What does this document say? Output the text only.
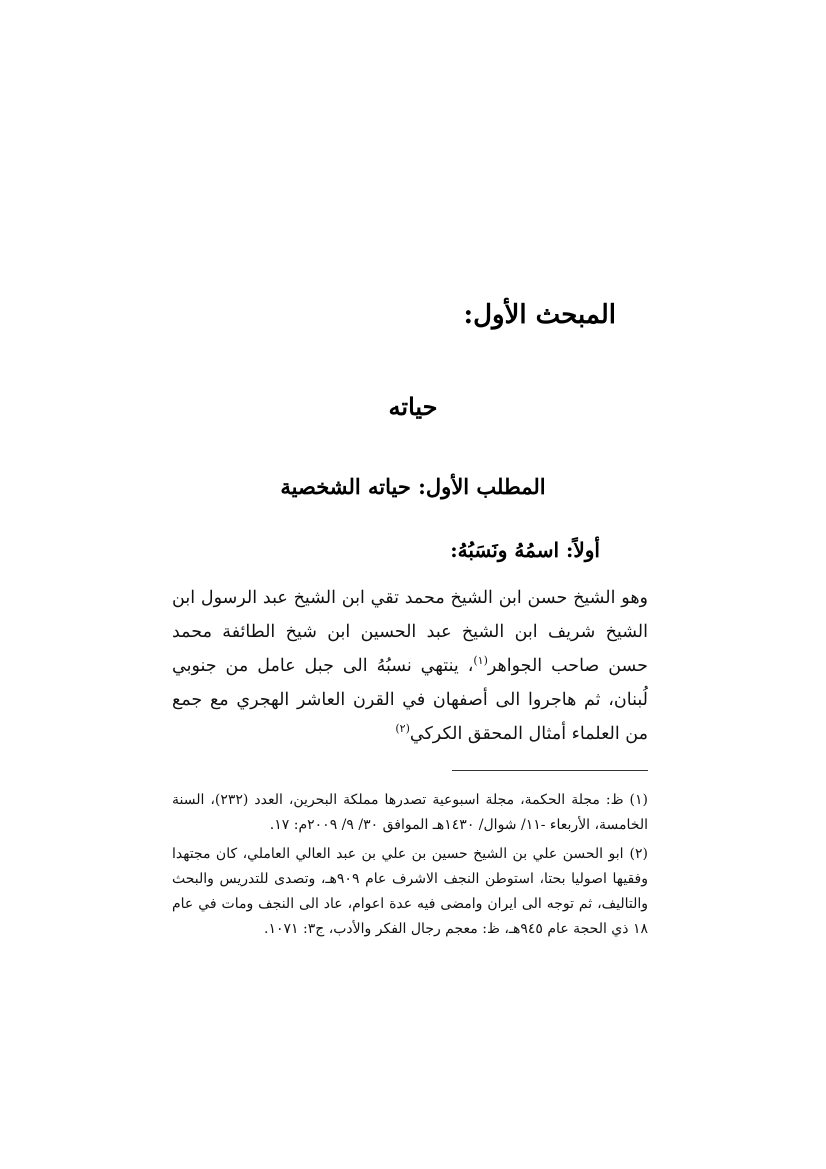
المبحث الأول:
حياته
المطلب الأول: حياته الشخصية
أولاً: اسمُهُ ونَسَبُهُ:

وهو الشيخ حسن ابن الشيخ محمد تقي ابن الشيخ عبد الرسول ابن الشيخ شريف ابن الشيخ عبد الحسين ابن شيخ الطائفة محمد حسن صاحب الجواهر$^{(١)}$، ينتهي نسبُهُ الى جبل عامل من جنوبي لُبنان، ثم هاجروا الى أصفهان في القرن العاشر الهجري مع جمع من العلماء أمثال المحقق الكركي$^{(٢)}$

(١)ظ: مجلة الحكمة، مجلة اسبوعية تصدرها مملكة البحرين، العدد (٢٣٢)، السنة الخامسة، الأربعاء -١١/ شوال/ ١٤٣٠هـ الموافق ٣٠/ ٩/ ٢٠٠٩م: ١٧.

(٢)ابو الحسن علي بن الشيخ حسين بن علي بن عبد العالي العاملي، كان مجتهدا وفقيها اصوليا بحتا، استوطن النجف الاشرف عام ٩٠٩هـ، وتصدى للتدريس والبحث والتاليف، ثم توجه الى ايران وامضى فيه عدة اعوام، عاد الى النجف ومات في عام ١٨ ذي الحجة عام ٩٤٥هـ، ظ: معجم رجال الفكر والأدب، ج٣: ١٠٧١.
